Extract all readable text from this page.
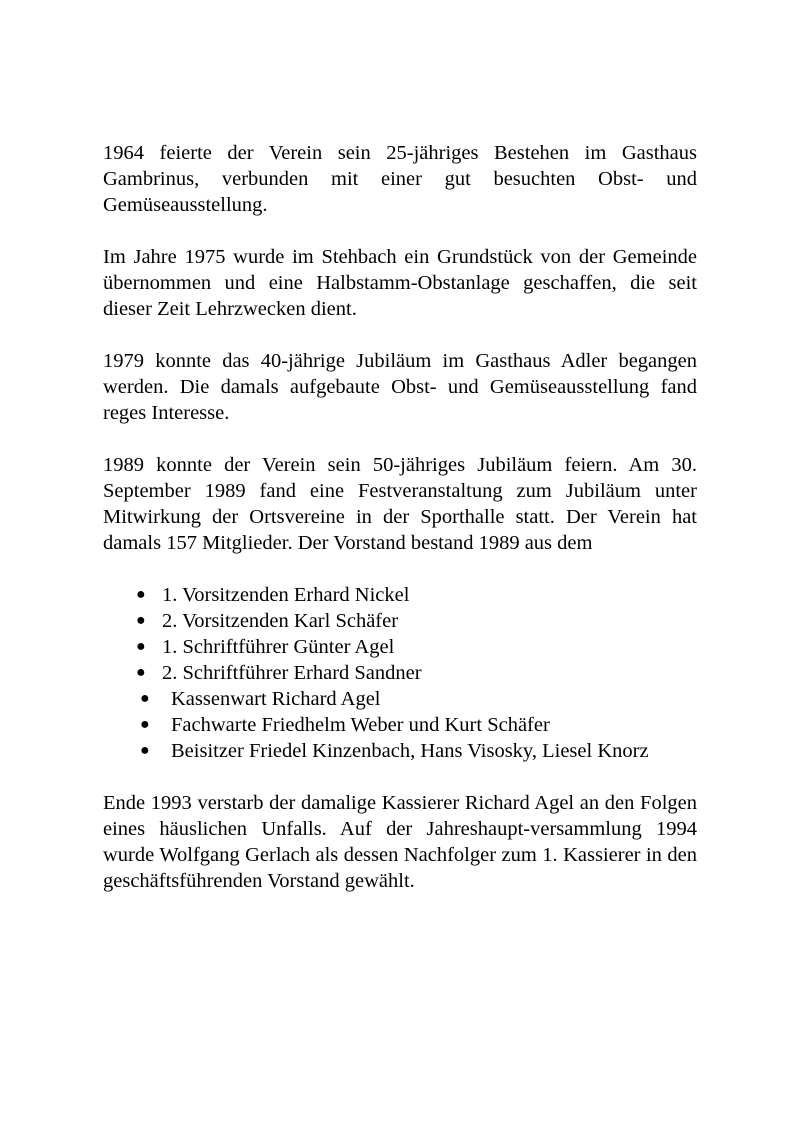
1964 feierte der Verein sein 25-jähriges Bestehen im Gasthaus Gambrinus, verbunden mit einer gut besuchten Obst- und Gemüseausstellung.

Im Jahre 1975 wurde im Stehbach ein Grundstück von der Gemeinde übernommen und eine Halbstamm-Obstanlage geschaffen, die seit dieser Zeit Lehrzwecken dient.

1979 konnte das 40-jährige Jubiläum im Gasthaus Adler begangen werden. Die damals aufgebaute Obst- und Gemüseausstellung fand reges Interesse.

1989 konnte der Verein sein 50-jähriges Jubiläum feiern. Am 30. September 1989 fand eine Festveranstaltung zum Jubiläum unter Mitwirkung der Ortsvereine in der Sporthalle statt. Der Verein hat damals 157 Mitglieder. Der Vorstand bestand 1989 aus dem

● 1. Vorsitzenden Erhard Nickel
● 2. Vorsitzenden Karl Schäfer
● 1. Schriftführer Günter Agel
● 2. Schriftführer Erhard Sandner
● Kassenwart Richard Agel
● Fachwarte Friedhelm Weber und Kurt Schäfer
● Beisitzer Friedel Kinzenbach, Hans Visosky, Liesel Knorz

Ende 1993 verstarb der damalige Kassierer Richard Agel an den Folgen eines häuslichen Unfalls. Auf der Jahreshaupt-versammlung 1994 wurde Wolfgang Gerlach als dessen Nachfolger zum 1. Kassierer in den geschäftsführenden Vorstand gewählt.
